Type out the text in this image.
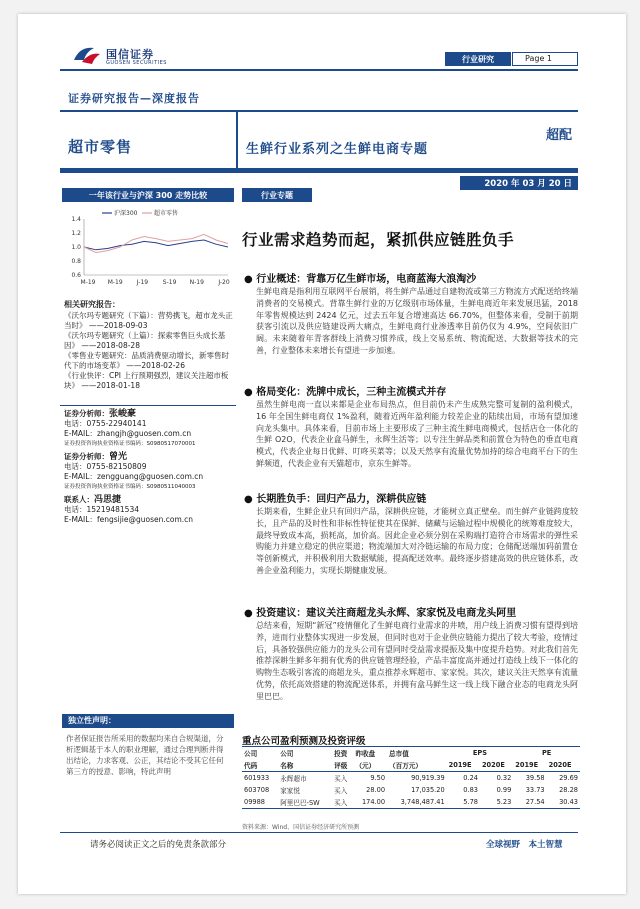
国信证券
GUOSEN SECURITIES	行业研究	Page 1
证券研究报告—深度报告
超市零售	生鲜行业系列之生鲜电商专题
超配
2020 年 03 月 20 日
一年该行业与沪深 300 走势比较
0.6
0.8
1.0
1.2
1.4
M-19 M-19 J-19 S-19 N-19 J-20
沪深300	超市零售
相关研究报告：
《沃尔玛专题研究（下篇）：营势携飞，超市龙头正当时》 ——2018-09-03
《沃尔玛专题研究（上篇）：探索零售巨头成长基因》 ——2018-08-28
《零售业专题研究：品质消费驱动增长，新零售时代下的市场变革》 ——2018-02-26
《行业快评：CPI 上行预期强烈，建议关注超市板块》 ——2018-01-18
证券分析师：张峻豪
电话：0755-22940141
E-MAIL：zhangjh@guosen.com.cn
证券投资咨询执业资格证书编码：S0980517070001
证券分析师：曾光
电话：0755-82150809
E-MAIL：zengguang@guosen.com.cn
证券投资咨询执业资格证书编码：S0980511040003
联系人：冯思捷
电话：15219481534
E-MAIL：fengsijie@guosen.com.cn
独立性声明：
作者保证报告所采用的数据均来自合规渠道，分析逻辑基于本人的职业理解，通过合理判断并得出结论，力求客观、公正，其结论不受其它任何第三方的授意、影响，特此声明
行业专题
行业需求趋势而起，紧抓供应链胜负手
● 行业概述：背靠万亿生鲜市场，电商蓝海大浪淘沙
生鲜电商是指利用互联网平台展销，将生鲜产品通过自建物流或第三方物流方式配送给终端消费者的交易模式。背靠生鲜行业的万亿级别市场体量，生鲜电商近年来发展迅猛，2018 年零售规模达到 2424 亿元，过去五年复合增速高达 66.70%，但整体来看，受制于前期获客引流以及供应链建设两大痛点，生鲜电商行业渗透率目前仍仅为 4.9%，空间依旧广阔。未来随着年青客群线上消费习惯养成，线上交易系统、物流配送、大数据等技术的完善，行业整体未来增长有望进一步加速。
● 格局变化：洗牌中成长，三种主流模式并存
虽然生鲜电商一直以来都是企业布局热点，但目前仍未产生成熟完整可复制的盈利模式，16 年全国生鲜电商仅 1%盈利，随着近两年盈利能力较差企业的陆续出局，市场有望加速向龙头集中。具体来看，目前市场上主要形成了三种主流生鲜电商模式，包括店仓一体化的生鲜 O2O，代表企业盒马鲜生，永辉生活等；以专注生鲜品类和前置仓为特色的垂直电商模式，代表企业每日优鲜、叮咚买菜等；以及天然享有流量优势加持的综合电商平台下的生鲜频道，代表企业有天猫超市，京东生鲜等。
● 长期胜负手：回归产品力，深耕供应链
长期来看，生鲜企业只有回归产品，深耕供应链，才能树立真正壁垒。而生鲜产业链跨度较长，且产品的及时性和非标性特征使其在保鲜、储藏与运输过程中规模化的统筹难度较大，最终导致成本高，损耗高，加价高。因此企业必须分别在采购端打造符合市场需求的弹性采购能力并建立稳定的供应渠道；物流端加大对冷链运输的布局力度；仓储配送端加码前置仓等创新模式，并积极利用大数据赋能，提高配送效率。最终逐步搭建高效的供应链体系，改善企业盈利能力，实现长期健康发展。
● 投资建议：建议关注商超龙头永辉、家家悦及电商龙头阿里
总结来看，短期“新冠”疫情催化了生鲜电商行业需求的井喷，用户线上消费习惯有望得到培养，进而行业整体实现进一步发展，但同时也对于企业供应链能力提出了较大考验，疫情过后，具备较强供应能力的龙头公司有望同时受益需求提振及集中度提升趋势。对此我们首先推荐深耕生鲜多年拥有优秀的供应链管理经验，产品丰富度高并通过打造线上线下一体化的购物生态吸引客流的商超龙头，重点推荐永辉超市、家家悦。其次，建议关注天然享有流量优势，依托高效搭建的物流配送体系，并拥有盒马鲜生这一线上线下融合业态的电商龙头阿里巴巴。
重点公司盈利预测及投资评级
公司	公司	投资	昨收盘	总市值	EPS		PE	
代码	名称	评级	（元）	（百万元）	2019E	2020E	2019E	2020E
601933	永辉超市	买入	9.50	90,919.39	0.24	0.32	39.58	29.69
603708	家家悦	买入	28.00	17,035.20	0.83	0.99	33.73	28.28
09988	阿里巴巴-SW	买入	174.00	3,748,487.41	5.78	5.23	27.54	30.43
资料来源：Wind、国信证券经济研究所预测
请务必阅读正文之后的免责条款部分	全球视野　本土智慧
